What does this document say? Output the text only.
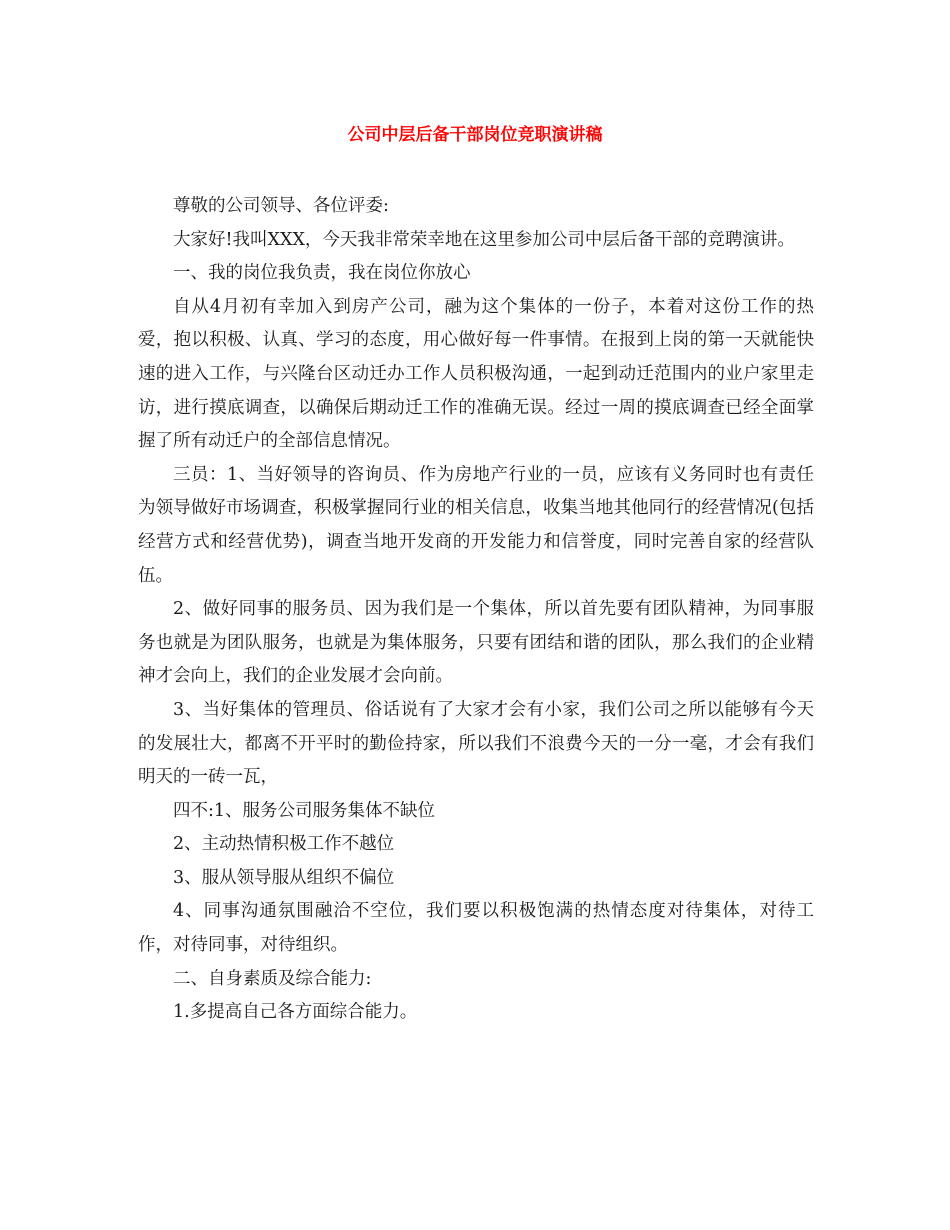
公司中层后备干部岗位竞职演讲稿

尊敬的公司领导、各位评委:

大家好!我叫XXX，今天我非常荣幸地在这里参加公司中层后备干部的竞聘演讲。

一、我的岗位我负责，我在岗位你放心

自从4月初有幸加入到房产公司，融为这个集体的一份子，本着对这份工作的热爱，抱以积极、认真、学习的态度，用心做好每一件事情。在报到上岗的第一天就能快速的进入工作，与兴隆台区动迁办工作人员积极沟通，一起到动迁范围内的业户家里走访，进行摸底调查，以确保后期动迁工作的准确无误。经过一周的摸底调查已经全面掌握了所有动迁户的全部信息情况。

三员：1、当好领导的咨询员、作为房地产行业的一员，应该有义务同时也有责任为领导做好市场调查，积极掌握同行业的相关信息，收集当地其他同行的经营情况(包括经营方式和经营优势)，调查当地开发商的开发能力和信誉度，同时完善自家的经营队伍。

2、做好同事的服务员、因为我们是一个集体，所以首先要有团队精神，为同事服务也就是为团队服务，也就是为集体服务，只要有团结和谐的团队，那么我们的企业精神才会向上，我们的企业发展才会向前。

3、当好集体的管理员、俗话说有了大家才会有小家，我们公司之所以能够有今天的发展壮大，都离不开平时的勤俭持家，所以我们不浪费今天的一分一毫，才会有我们明天的一砖一瓦，

四不:1、服务公司服务集体不缺位

2、主动热情积极工作不越位

3、服从领导服从组织不偏位

4、同事沟通氛围融洽不空位，我们要以积极饱满的热情态度对待集体，对待工作，对待同事，对待组织。

二、自身素质及综合能力:

1.多提高自己各方面综合能力。
